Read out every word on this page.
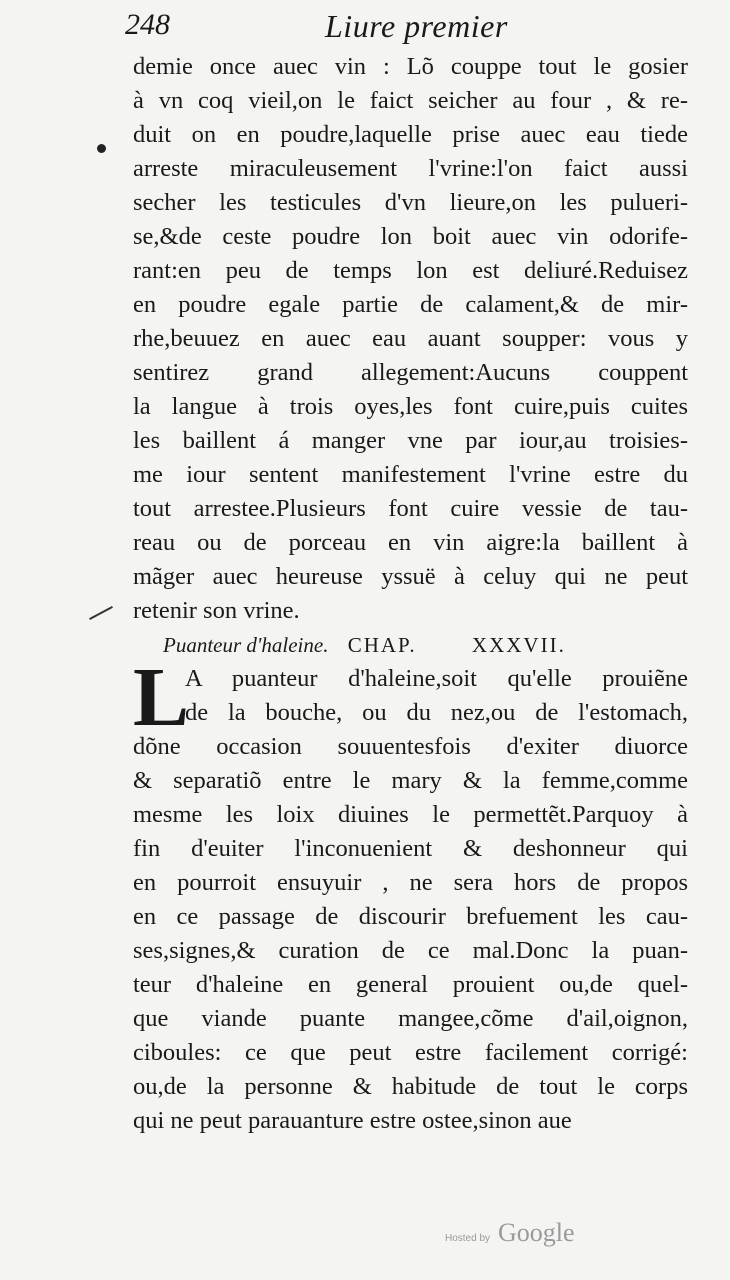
248	Liure premier
demie once auec vin : Lõ couppe tout le gosier
à vn coq vieil,on le faict seicher au four , & re-
duit on en poudre,laquelle prise auec eau tiede
arreste miraculeusement l'vrine:l'on faict aussi
secher les testicules d'vn lieure,on les pulueri-
se,&de ceste poudre lon boit auec vin odorife-
rant:en peu de temps lon est deliuré.Reduisez
en poudre egale partie de calament,& de mir-
rhe,beuuez en auec eau auant soupper: vous y
sentirez grand allegement:Aucuns couppent
la langue à trois oyes,les font cuire,puis cuites
les baillent á manger vne par iour,au troisies-
me iour sentent manifestement l'vrine estre du
tout arrestee.Plusieurs font cuire vessie de tau-
reau ou de porceau en vin aigre:la baillent à
mãger auec heureuse yssuë à celuy qui ne peut
retenir son vrine.
Puanteur d'haleine. CHAP.	XXXVII.
L
A puanteur d'haleine,soit qu'elle prouiẽne
de la bouche, ou du nez,ou de l'estomach,
dõne occasion souuentesfois d'exiter diuorce
& separatiõ entre le mary & la femme,comme
mesme les loix diuines le permettẽt.Parquoy à
fin d'euiter l'inconuenient & deshonneur qui
en pourroit ensuyuir , ne sera hors de propos
en ce passage de discourir brefuement les cau-
ses,signes,& curation de ce mal.Donc la puan-
teur d'haleine en general prouient ou,de quel-
que viande puante mangee,cõme d'ail,oignon,
ciboules: ce que peut estre facilement corrigé:
ou,de la personne & habitude de tout le corps
qui ne peut parauanture estre ostee,sinon aue
Hosted by Google
